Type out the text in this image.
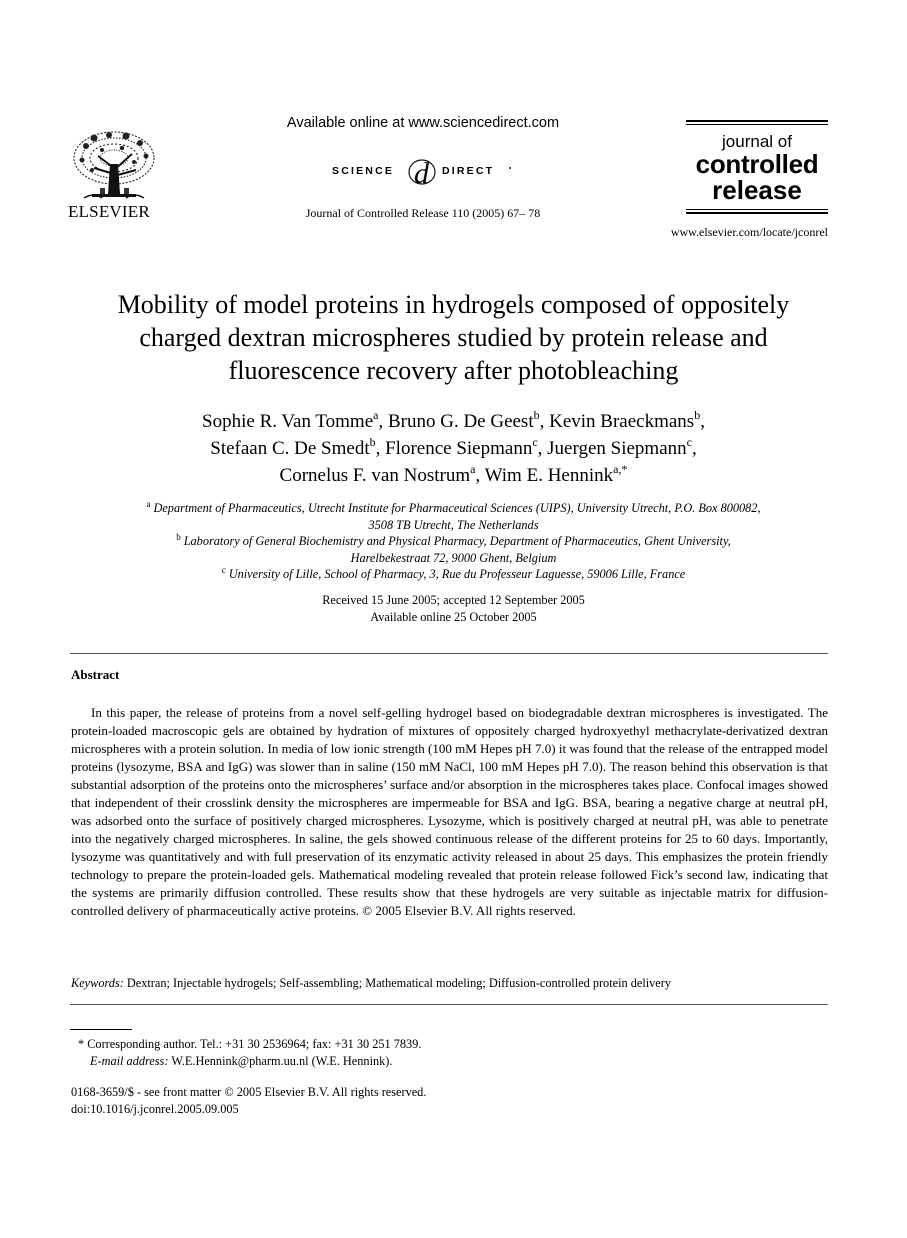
ELSEVIER
Available online at www.sciencedirect.com
SCIENCE d DIRECT
Journal of Controlled Release 110 (2005) 67– 78
journal of
controlled
release
www.elsevier.com/locate/jconrel
Mobility of model proteins in hydrogels composed of oppositely
charged dextran microspheres studied by protein release and
fluorescence recovery after photobleaching
Sophie R. Van Tomme$^a$, Bruno G. De Geest$^b$, Kevin Braeckmans$^b$,
Stefaan C. De Smedt$^b$, Florence Siepmann$^c$, Juergen Siepmann$^c$,
Cornelus F. van Nostrum$^a$, Wim E. Hennink$^{a,*}$
$^a$ Department of Pharmaceutics, Utrecht Institute for Pharmaceutical Sciences (UIPS), University Utrecht, P.O. Box 800082,
3508 TB Utrecht, The Netherlands
$^b$ Laboratory of General Biochemistry and Physical Pharmacy, Department of Pharmaceutics, Ghent University,
Harelbekestraat 72, 9000 Ghent, Belgium
$^c$ University of Lille, School of Pharmacy, 3, Rue du Professeur Laguesse, 59006 Lille, France
Received 15 June 2005; accepted 12 September 2005
Available online 25 October 2005
Abstract
In this paper, the release of proteins from a novel self-gelling hydrogel based on biodegradable dextran microspheres is investigated. The protein-loaded macroscopic gels are obtained by hydration of mixtures of oppositely charged hydroxyethyl methacrylate-derivatized dextran microspheres with a protein solution. In media of low ionic strength (100 mM Hepes pH 7.0) it was found that the release of the entrapped model proteins (lysozyme, BSA and IgG) was slower than in saline (150 mM NaCl, 100 mM Hepes pH 7.0). The reason behind this observation is that substantial adsorption of the proteins onto the microspheres’ surface and/or absorption in the microspheres takes place. Confocal images showed that independent of their crosslink density the microspheres are impermeable for BSA and IgG. BSA, bearing a negative charge at neutral pH, was adsorbed onto the surface of positively charged microspheres. Lysozyme, which is positively charged at neutral pH, was able to penetrate into the negatively charged microspheres. In saline, the gels showed continuous release of the different proteins for 25 to 60 days. Importantly, lysozyme was quantitatively and with full preservation of its enzymatic activity released in about 25 days. This emphasizes the protein friendly technology to prepare the protein-loaded gels. Mathematical modeling revealed that protein release followed Fick’s second law, indicating that the systems are primarily diffusion controlled. These results show that these hydrogels are very suitable as injectable matrix for diffusion-controlled delivery of pharmaceutically active proteins. © 2005 Elsevier B.V. All rights reserved.
Keywords: Dextran; Injectable hydrogels; Self-assembling; Mathematical modeling; Diffusion-controlled protein delivery
* Corresponding author. Tel.: +31 30 2536964; fax: +31 30 251 7839.
E-mail address: W.E.Hennink@pharm.uu.nl (W.E. Hennink).
0168-3659/$ - see front matter © 2005 Elsevier B.V. All rights reserved.
doi:10.1016/j.jconrel.2005.09.005
